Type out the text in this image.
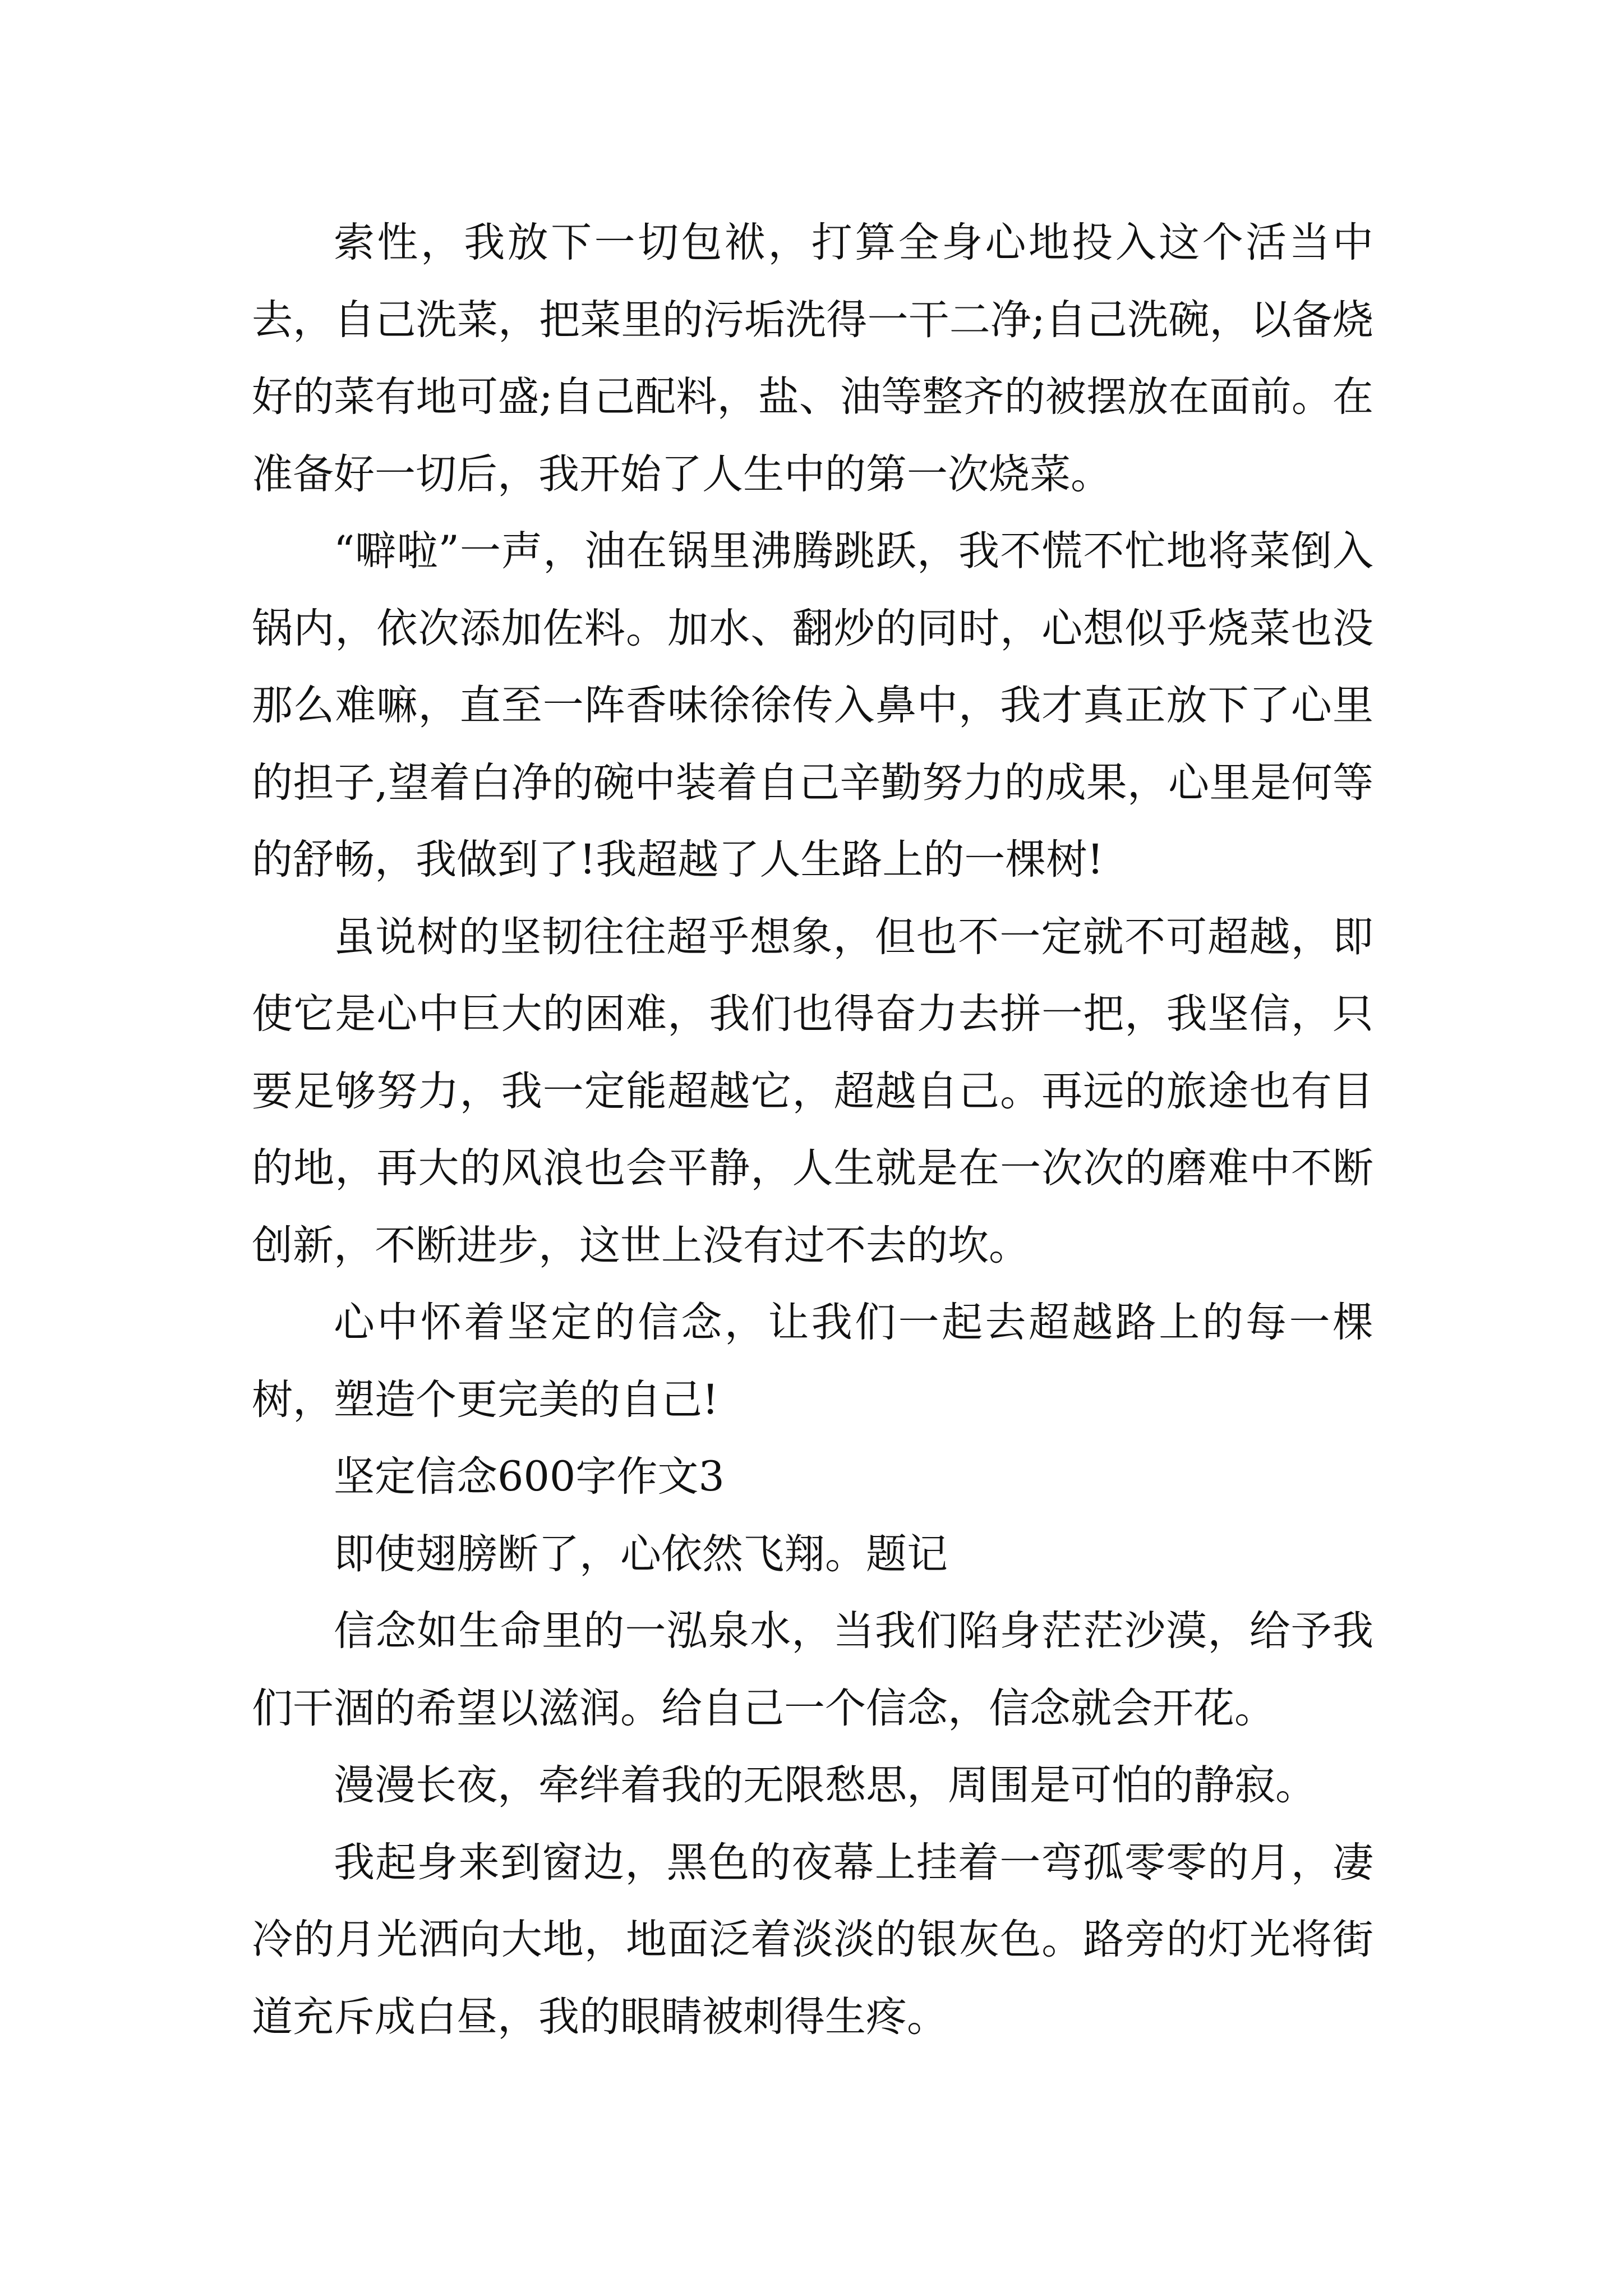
索性，我放下一切包袱，打算全身心地投入这个活当中去，自己洗菜，把菜里的污垢洗得一干二净;自己洗碗，以备烧好的菜有地可盛;自己配料，盐、油等整齐的被摆放在面前。在准备好一切后，我开始了人生中的第一次烧菜。

“噼啦”一声，油在锅里沸腾跳跃，我不慌不忙地将菜倒入锅内，依次添加佐料。加水、翻炒的同时，心想似乎烧菜也没那么难嘛，直至一阵香味徐徐传入鼻中，我才真正放下了心里的担子,望着白净的碗中装着自己辛勤努力的成果，心里是何等的舒畅，我做到了!我超越了人生路上的一棵树!

虽说树的坚韧往往超乎想象，但也不一定就不可超越，即使它是心中巨大的困难，我们也得奋力去拼一把，我坚信，只要足够努力，我一定能超越它，超越自己。再远的旅途也有目的地，再大的风浪也会平静，人生就是在一次次的磨难中不断创新，不断进步，这世上没有过不去的坎。

心中怀着坚定的信念，让我们一起去超越路上的每一棵树，塑造个更完美的自己!

坚定信念600字作文3

即使翅膀断了，心依然飞翔。题记

信念如生命里的一泓泉水，当我们陷身茫茫沙漠，给予我们干涸的希望以滋润。给自己一个信念，信念就会开花。

漫漫长夜，牵绊着我的无限愁思，周围是可怕的静寂。

我起身来到窗边，黑色的夜幕上挂着一弯孤零零的月，凄冷的月光洒向大地，地面泛着淡淡的银灰色。路旁的灯光将街道充斥成白昼，我的眼睛被刺得生疼。
